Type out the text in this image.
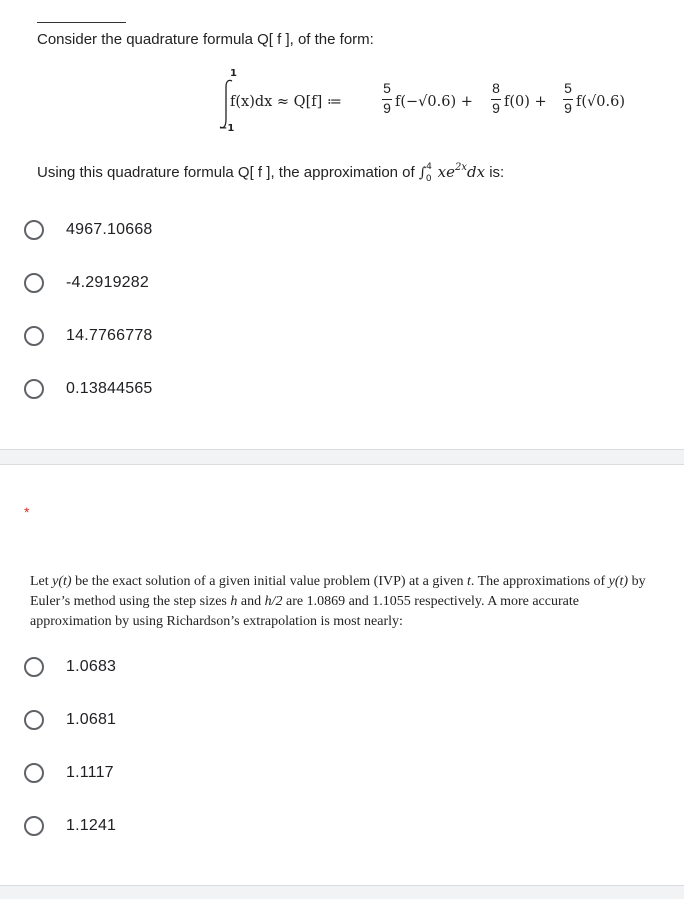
Consider the quadrature formula Q[ f ], of the form:
1
−1
f(x)dx ≈ Q[f] ≔
5
9 f(−√0.6) +
8
9 f(0) +
5
9 f(√0.6)
Using this quadrature formula Q[ f ], the approximation of ∫$^4_0$ $xe^{2x}dx$ is:
4967.10668
-4.2919282
14.7766778
0.13844565
*
Let y(t) be the exact solution of a given initial value problem (IVP) at a given t. The approximations of y(t) by Euler’s method using the step sizes h and h/2 are 1.0869 and 1.1055 respectively. A more accurate approximation by using Richardson’s extrapolation is most nearly:
1.0683
1.0681
1.1117
1.1241
